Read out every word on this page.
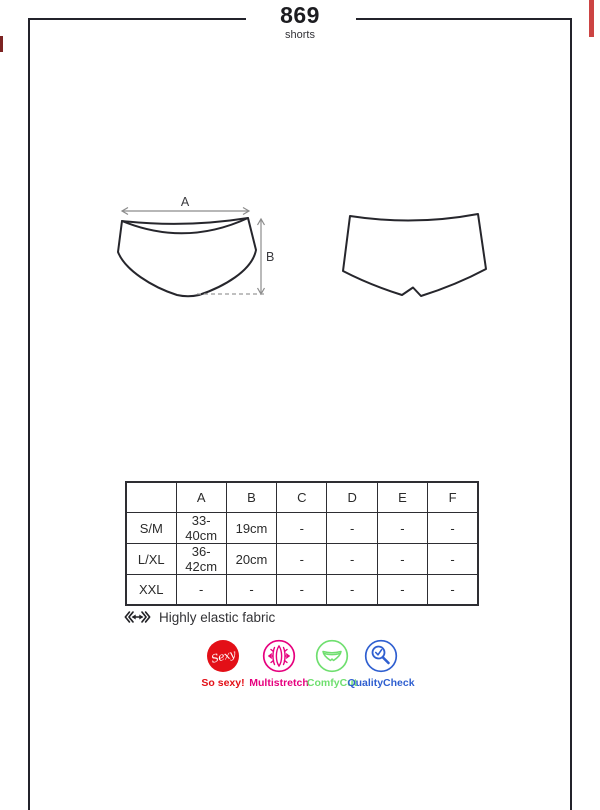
869
shorts
A
B
	A	B	C	D	E	F
S/M	33-40cm	19cm	-	-	-	-
L/XL	36-42cm	20cm	-	-	-	-
XXL	-	-	-	-	-	-
Highly elastic fabric
Sexy
So sexy! Multistretch
ComfyCut
QualityCheck
